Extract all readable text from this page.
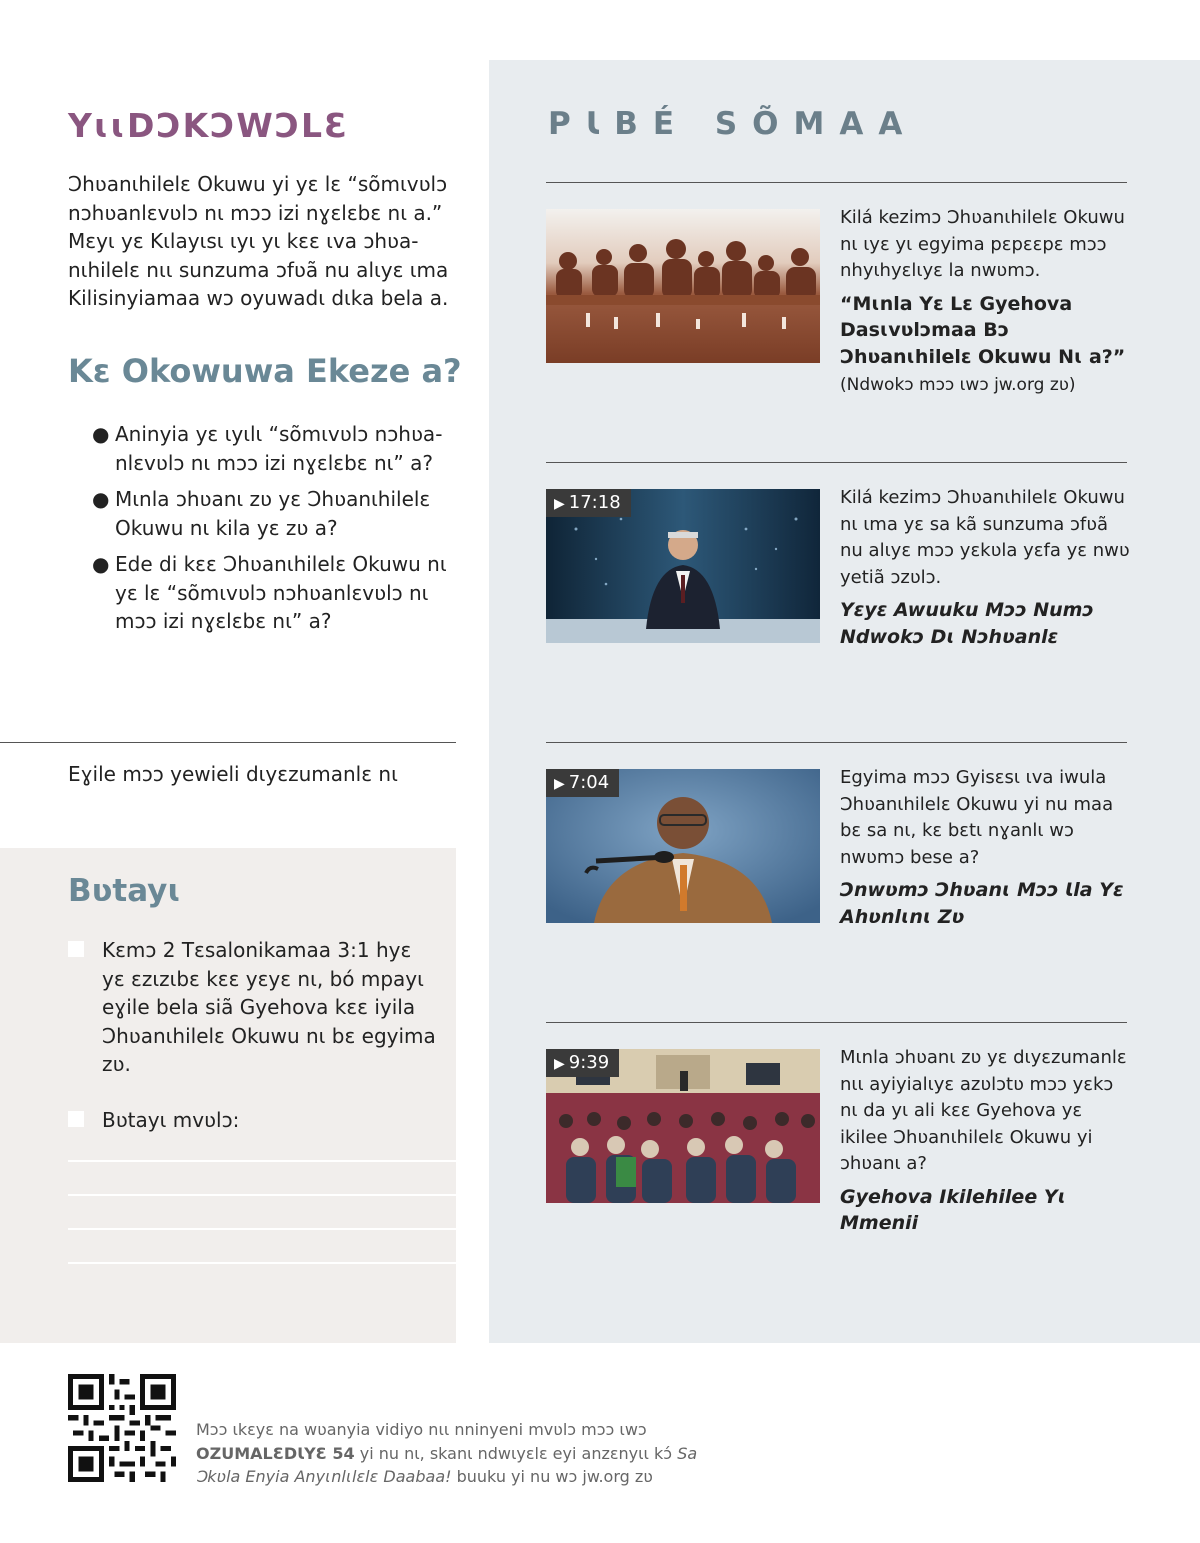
YɩɩDƆKƆWƆLƐ

Ɔhʋanɩhilelɛ Okuwu yi yɛ lɛ “sõmɩvʋlɔ nɔhʋanlɛvʋlɔ nɩ mɔɔ izi nɣɛlɛbɛ nɩ a.” Mɛyɩ yɛ Kɩlayɩsɩ ɩyɩ yɩ kɛɛ ɩva ɔhʋanɩhilelɛ nɩɩ sunzuma ɔfʋã nu alɩyɛ ɩma Kilisinyiamaa wɔ oyuwadɩ dɩka bela a.

Kɛ Okowuwa Ekeze a?
● Aninyia yɛ ɩyɩlɩ “sõmɩvʋlɔ nɔhʋanlɛvʋlɔ nɩ mɔɔ izi nɣɛlɛbɛ nɩ” a?
● Mɩnla ɔhʋanɩ zʋ yɛ Ɔhʋanɩhilelɛ Okuwu nɩ kila yɛ zʋ a?
● Ede di kɛɛ Ɔhʋanɩhilelɛ Okuwu nɩ yɛ lɛ “sõmɩvʋlɔ nɔhʋanlɛvʋlɔ nɩ mɔɔ izi nɣɛlɛbɛ nɩ” a?

Eɣile mɔɔ yewieli dɩyɛzumanlɛ nɩ

Bʋtayɩ
Kɛmɔ 2 Tɛsalonikamaa 3:1 hyɛ yɛ ɛzɩzɩbɛ kɛɛ yɛyɛ nɩ, bó mpayɩ eɣile bela siã Gyehova kɛɛ iyila Ɔhʋanɩhilelɛ Okuwu nɩ bɛ egyima zʋ.
Bʋtayɩ mvʋlɔ:
PƖBÉ SÕMAA
Kilá kezimɔ Ɔhʋanɩhilelɛ Okuwu nɩ ɩyɛ yɩ egyima pɛpɛɛpɛ mɔɔ nhyɩhyɛlɩyɛ la nwʋmɔ.
“Mɩnla Yɛ Lɛ Gyehova Dasɩvʋlɔmaa Bɔ Ɔhʋanɩhilelɛ Okuwu Nɩ a?” (Ndwokɔ mɔɔ ɩwɔ jw.org zʋ)
▶ 17:18	Kilá kezimɔ Ɔhʋanɩhilelɛ Okuwu nɩ ɩma yɛ sa kã sunzuma ɔfʋã nu alɩyɛ mɔɔ yɛkʋla yɛfa yɛ nwʋ yetiã ɔzʋlɔ.
Yɛyɛ Awuuku Mɔɔ Numɔ Ndwokɔ Dɩ Nɔhʋanlɛ
▶ 7:04	Egyima mɔɔ Gyisɛsɩ ɩva iwula Ɔhʋanɩhilelɛ Okuwu yi nu maa bɛ sa nɩ, kɛ bɛtɩ nɣanlɩ wɔ nwʋmɔ bese a?
Ɔnwʋmɔ Ɔhʋanɩ Mɔɔ Ɩla Yɛ Ahʋnlɩnɩ Zʋ
▶ 9:39	Mɩnla ɔhʋanɩ zʋ yɛ dɩyɛzumanlɛ nɩɩ ayiyialɩyɛ azʋlɔtʋ mɔɔ yɛkɔ nɩ da yɩ ali kɛɛ Gyehova yɛ ikilee Ɔhʋanɩhilelɛ Okuwu yi ɔhʋanɩ a?
Gyehova Ikilehilee Yɩ Mmenii

Mɔɔ ɩkɛyɛ na wʋanyia vidiyo nɩɩ nninyeni mvʋlɔ mɔɔ ɩwɔ OZUMALƐDƖYƐ 54 yi nu nɩ, skanɩ ndwɩyɛlɛ eyi anzɛnyɩɩ kɔ́ Sa Ɔkʋla Enyia Anyɩnlɩlɛlɛ Daabaa! buuku yi nu wɔ jw.org zʋ
